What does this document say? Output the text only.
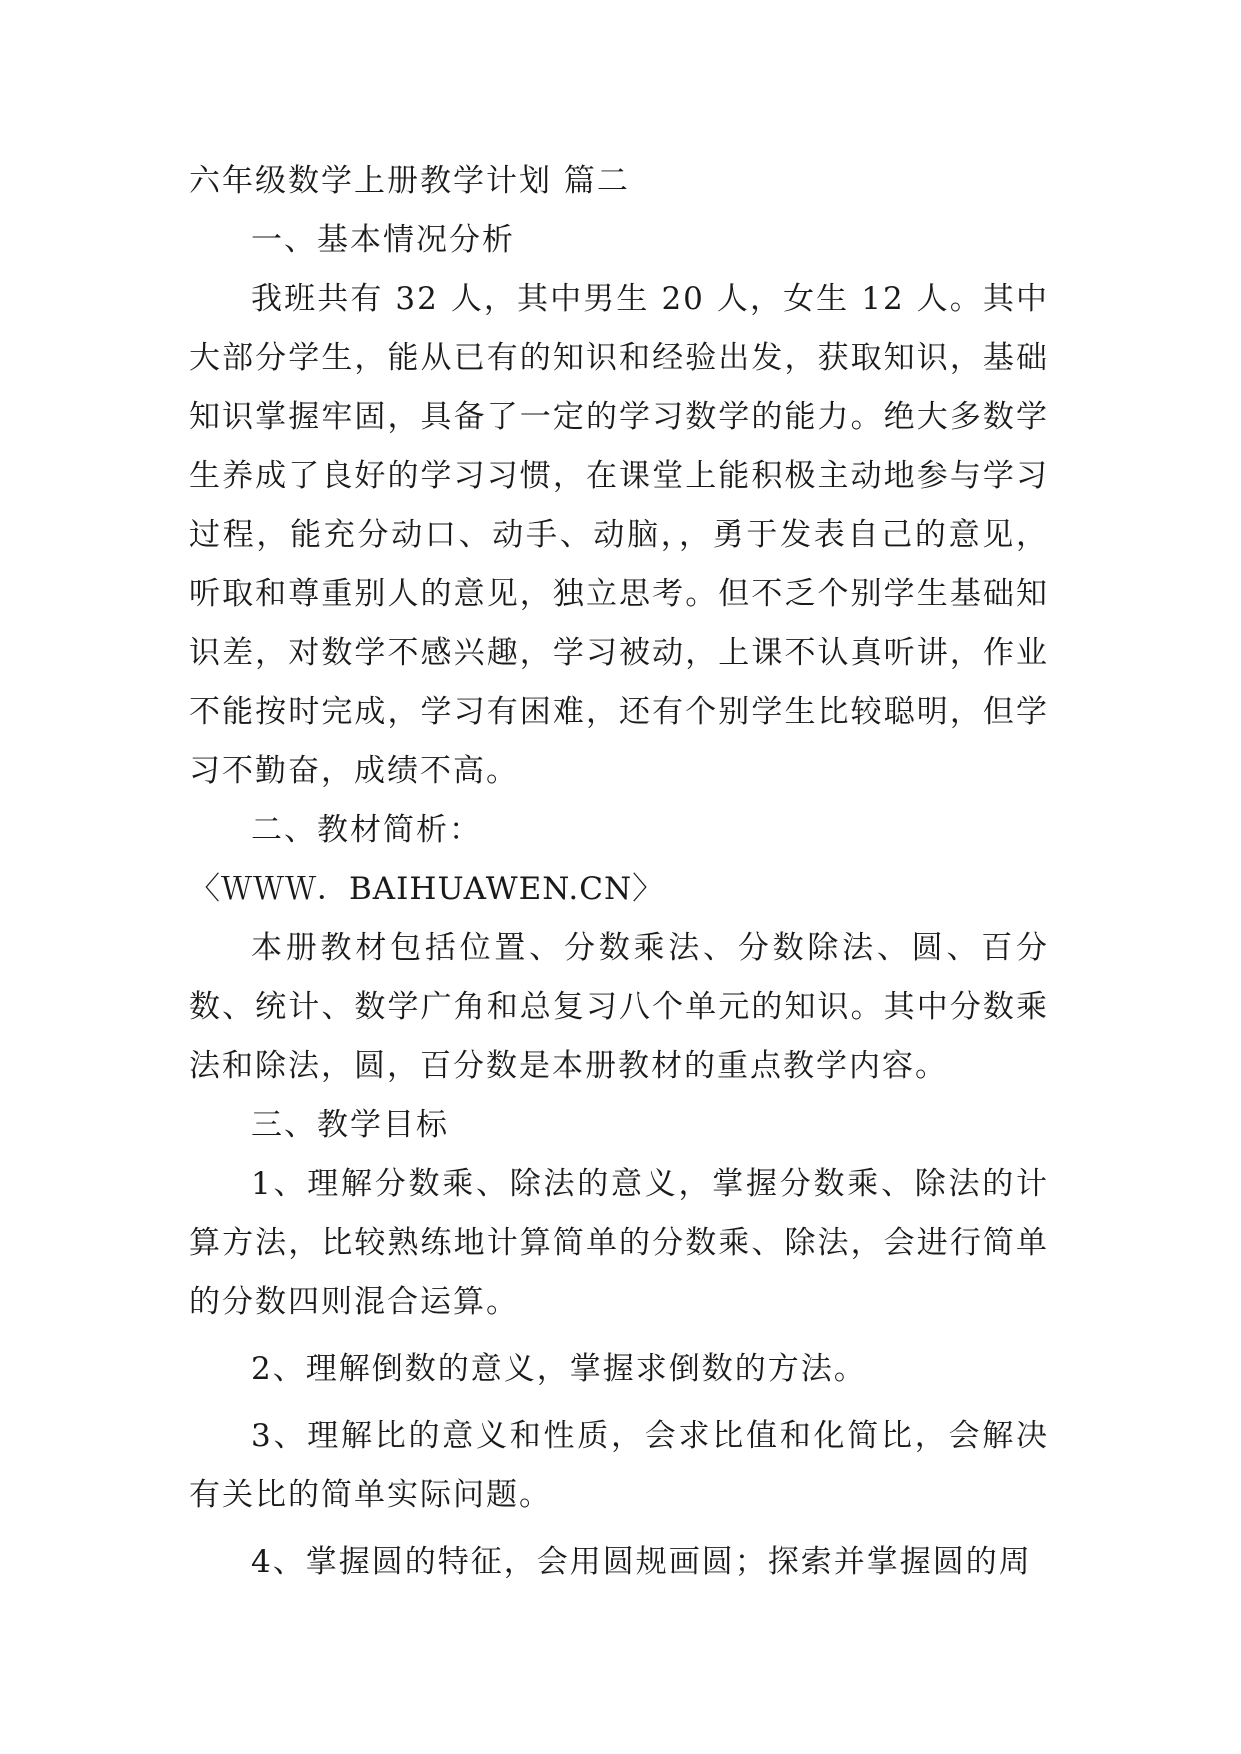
六年级数学上册教学计划 篇二

一、基本情况分析

我班共有 32 人，其中男生 20 人，女生 12 人。其中大部分学生，能从已有的知识和经验出发，获取知识，基础知识掌握牢固，具备了一定的学习数学的能力。绝大多数学生养成了良好的学习习惯，在课堂上能积极主动地参与学习过程，能充分动口、动手、动脑，，勇于发表自己的意见，听取和尊重别人的意见，独立思考。但不乏个别学生基础知识差，对数学不感兴趣，学习被动，上课不认真听讲，作业不能按时完成，学习有困难，还有个别学生比较聪明，但学习不勤奋，成绩不高。

二、教材简析：

〈ＷＷＷ．BAIHUAWEN.CN〉

本册教材包括位置、分数乘法、分数除法、圆、百分数、统计、数学广角和总复习八个单元的知识。其中分数乘法和除法，圆，百分数是本册教材的重点教学内容。

三、教学目标

1、理解分数乘、除法的意义，掌握分数乘、除法的计算方法，比较熟练地计算简单的分数乘、除法，会进行简单的分数四则混合运算。

2、理解倒数的意义，掌握求倒数的方法。

3、理解比的意义和性质，会求比值和化简比，会解决有关比的简单实际问题。

4、掌握圆的特征，会用圆规画圆；探索并掌握圆的周
